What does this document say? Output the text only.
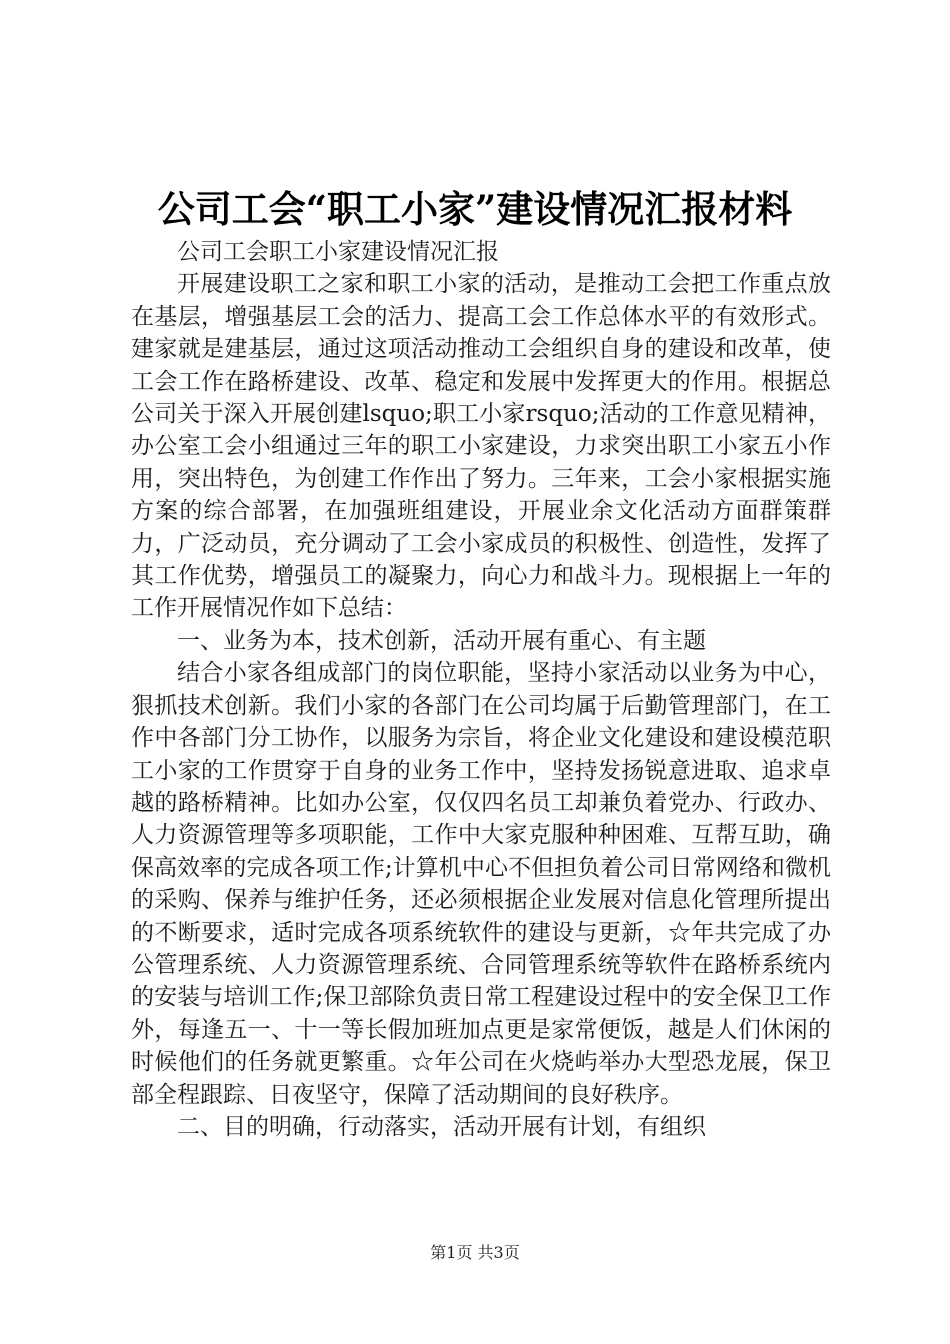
公司工会“职工小家”建设情况汇报材料

公司工会职工小家建设情况汇报

开展建设职工之家和职工小家的活动，是推动工会把工作重点放在基层，增强基层工会的活力、提高工会工作总体水平的有效形式。建家就是建基层，通过这项活动推动工会组织自身的建设和改革，使工会工作在路桥建设、改革、稳定和发展中发挥更大的作用。根据总公司关于深入开展创建lsquo;职工小家rsquo;活动的工作意见精神，办公室工会小组通过三年的职工小家建设，力求突出职工小家五小作用，突出特色，为创建工作作出了努力。三年来，工会小家根据实施方案的综合部署，在加强班组建设，开展业余文化活动方面群策群力，广泛动员，充分调动了工会小家成员的积极性、创造性，发挥了其工作优势，增强员工的凝聚力，向心力和战斗力。现根据上一年的工作开展情况作如下总结：

一、业务为本，技术创新，活动开展有重心、有主题

结合小家各组成部门的岗位职能，坚持小家活动以业务为中心，狠抓技术创新。我们小家的各部门在公司均属于后勤管理部门，在工作中各部门分工协作，以服务为宗旨，将企业文化建设和建设模范职工小家的工作贯穿于自身的业务工作中，坚持发扬锐意进取、追求卓越的路桥精神。比如办公室，仅仅四名员工却兼负着党办、行政办、人力资源管理等多项职能，工作中大家克服种种困难、互帮互助，确保高效率的完成各项工作;计算机中心不但担负着公司日常网络和微机的采购、保养与维护任务，还必须根据企业发展对信息化管理所提出的不断要求，适时完成各项系统软件的建设与更新，☆年共完成了办公管理系统、人力资源管理系统、合同管理系统等软件在路桥系统内的安装与培训工作;保卫部除负责日常工程建设过程中的安全保卫工作外，每逢五一、十一等长假加班加点更是家常便饭，越是人们休闲的时候他们的任务就更繁重。☆年公司在火烧屿举办大型恐龙展，保卫部全程跟踪、日夜坚守，保障了活动期间的良好秩序。

二、目的明确，行动落实，活动开展有计划，有组织

第1页 共3页
